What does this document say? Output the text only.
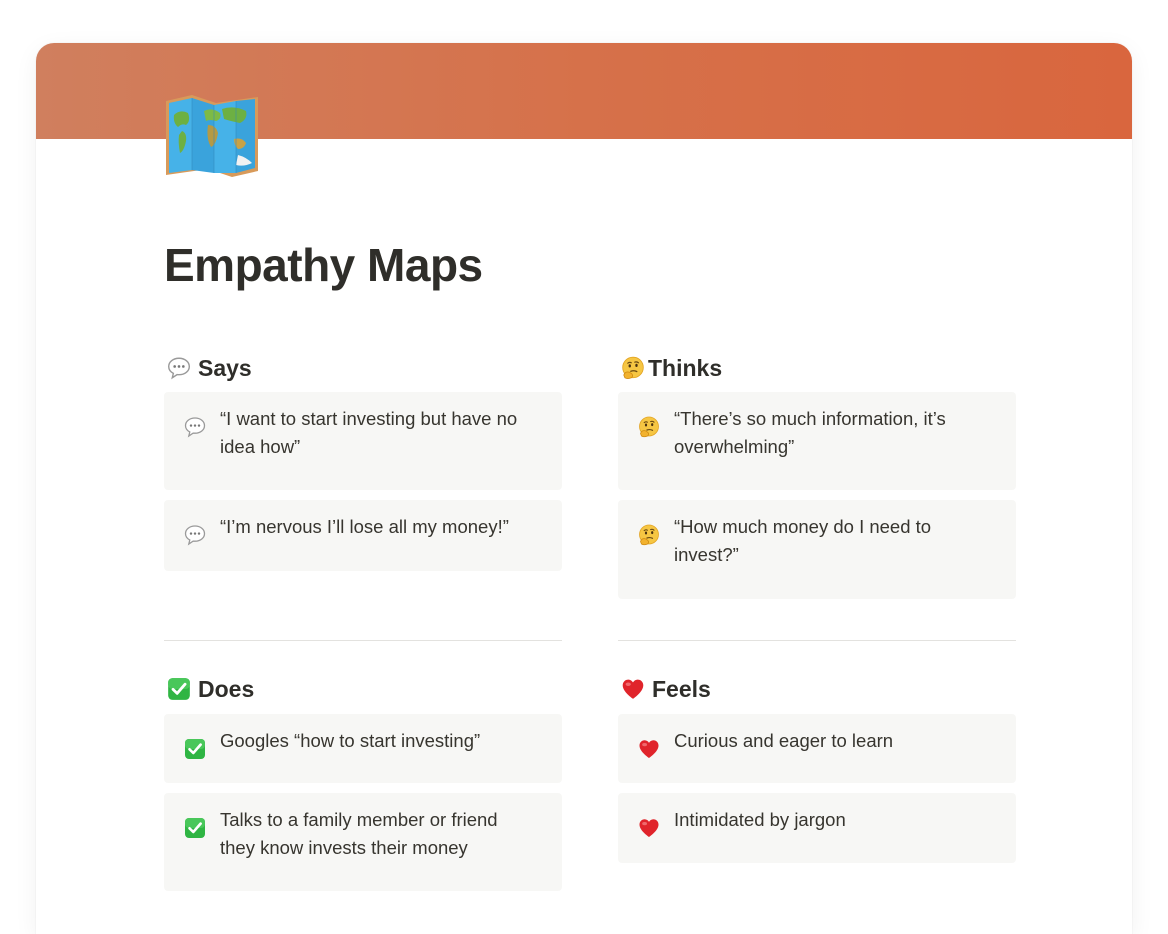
Empathy Maps
Says
“I want to start investing but have no idea how”
“I’m nervous I’ll lose all my money!”
Does
Googles “how to start investing”
Talks to a family member or friend they know invests their money
Thinks
“There’s so much information, it’s overwhelming”
“How much money do I need to invest?”
Feels
Curious and eager to learn
Intimidated by jargon
